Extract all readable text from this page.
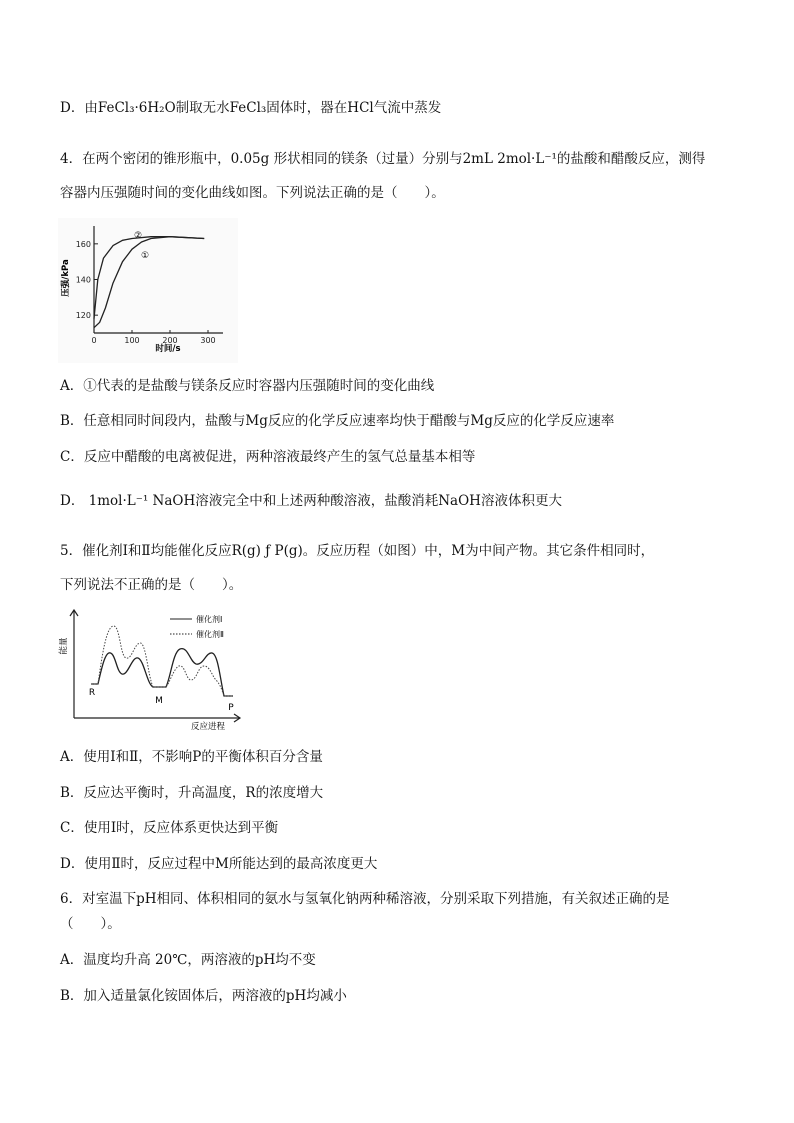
D．由FeCl₃·6H₂O制取无水FeCl₃固体时，器在HCl气流中蒸发
4．在两个密闭的锥形瓶中，0.05g 形状相同的镁条（过量）分别与2mL 2mol·L⁻¹的盐酸和醋酸反应，测得
容器内压强随时间的变化曲线如图。下列说法正确的是（　　）。
120
140
160
0	100	200	300
压强/kPa
时间/s
②
①
A．①代表的是盐酸与镁条反应时容器内压强随时间的变化曲线
B．任意相同时间段内，盐酸与Mg反应的化学反应速率均快于醋酸与Mg反应的化学反应速率
C．反应中醋酸的电离被促进，两种溶液最终产生的氢气总量基本相等
D． 1mol·L⁻¹ NaOH溶液完全中和上述两种酸溶液，盐酸消耗NaOH溶液体积更大
5．催化剂Ⅰ和Ⅱ均能催化反应R(g) ƒ P(g)。反应历程（如图）中，M为中间产物。其它条件相同时，
下列说法不正确的是（　　）。
能量
反应进程
催化剂Ⅰ
催化剂Ⅱ
R
M
P
A．使用Ⅰ和Ⅱ，不影响P的平衡体积百分含量
B．反应达平衡时，升高温度，R的浓度增大
C．使用Ⅰ时，反应体系更快达到平衡
D．使用Ⅱ时，反应过程中M所能达到的最高浓度更大
6．对室温下pH相同、体积相同的氨水与氢氧化钠两种稀溶液，分别采取下列措施，有关叙述正确的是
（　　）。
A．温度均升高 20℃，两溶液的pH均不变
B．加入适量氯化铵固体后，两溶液的pH均减小
